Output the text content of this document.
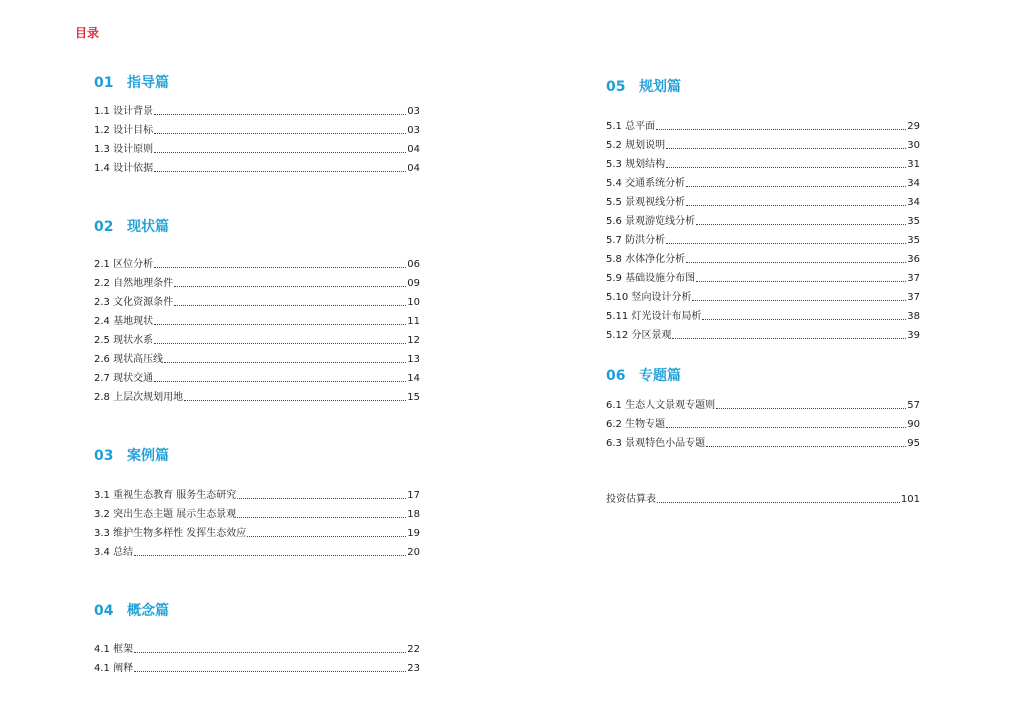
目录
01 指导篇
1.1 设计背景	03
1.2 设计目标	03
1.3 设计原则	04
1.4 设计依据	04
02 现状篇
2.1 区位分析	06
2.2 自然地理条件	09
2.3 文化资源条件	10
2.4 基地现状	11
2.5 现状水系	12
2.6 现状高压线	13
2.7 现状交通	14
2.8 上层次规划用地	15
03 案例篇
3.1 重视生态教育 服务生态研究	17
3.2 突出生态主题 展示生态景观	18
3.3 维护生物多样性 发挥生态效应	19
3.4 总结	20
04 概念篇
4.1 框架	22
4.1 阐释	23
05 规划篇
5.1 总平面	29
5.2 规划说明	30
5.3 规划结构	31
5.4 交通系统分析	34
5.5 景观视线分析	34
5.6 景观游览线分析	35
5.7 防洪分析	35
5.8 水体净化分析	36
5.9 基础设施分布图	37
5.10 竖向设计分析	37
5.11 灯光设计布局析	38
5.12 分区景观	39
06 专题篇
6.1 生态人文景观专题则	57
6.2 生物专题	90
6.3 景观特色小品专题	95
投资估算表	101
